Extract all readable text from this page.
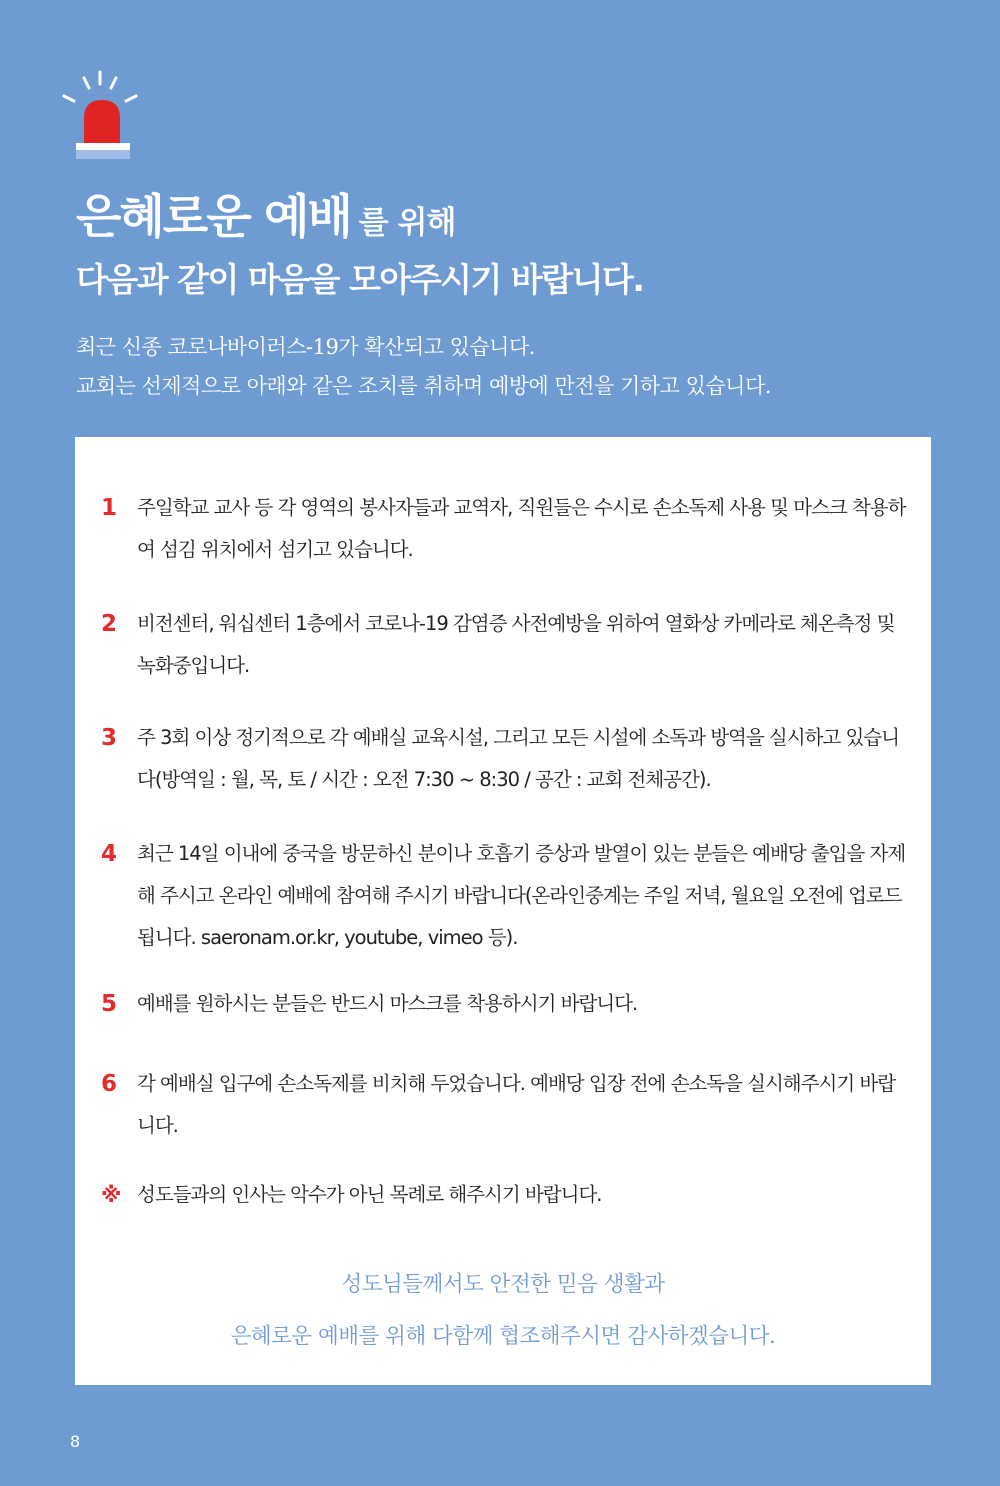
은혜로운 예배 를 위해
다음과 같이 마음을 모아주시기 바랍니다.
최근 신종 코로나바이러스-19가 확산되고 있습니다.
교회는 선제적으로 아래와 같은 조치를 취하며 예방에 만전을 기하고 있습니다.
1	주일학교 교사 등 각 영역의 봉사자들과 교역자, 직원들은 수시로 손소독제 사용 및 마스크 착용하여 섬김 위치에서 섬기고 있습니다.
2	비전센터, 워십센터 1층에서 코로나-19 감염증 사전예방을 위하여 열화상 카메라로 체온측정 및 녹화중입니다.
3	주 3회 이상 정기적으로 각 예배실 교육시설, 그리고 모든 시설에 소독과 방역을 실시하고 있습니다(방역일 : 월, 목, 토 / 시간 : 오전 7:30 ~ 8:30 / 공간 : 교회 전체공간).
4	최근 14일 이내에 중국을 방문하신 분이나 호흡기 증상과 발열이 있는 분들은 예배당 출입을 자제해 주시고 온라인 예배에 참여해 주시기 바랍니다(온라인중계는 주일 저녁, 월요일 오전에 업로드 됩니다. saeronam.or.kr, youtube, vimeo 등).
5	예배를 원하시는 분들은 반드시 마스크를 착용하시기 바랍니다.
6	각 예배실 입구에 손소독제를 비치해 두었습니다. 예배당 입장 전에 손소독을 실시해주시기 바랍니다.
※ 성도들과의 인사는 악수가 아닌 목례로 해주시기 바랍니다.
성도님들께서도 안전한 믿음 생활과
은혜로운 예배를 위해 다함께 협조해주시면 감사하겠습니다.
8
